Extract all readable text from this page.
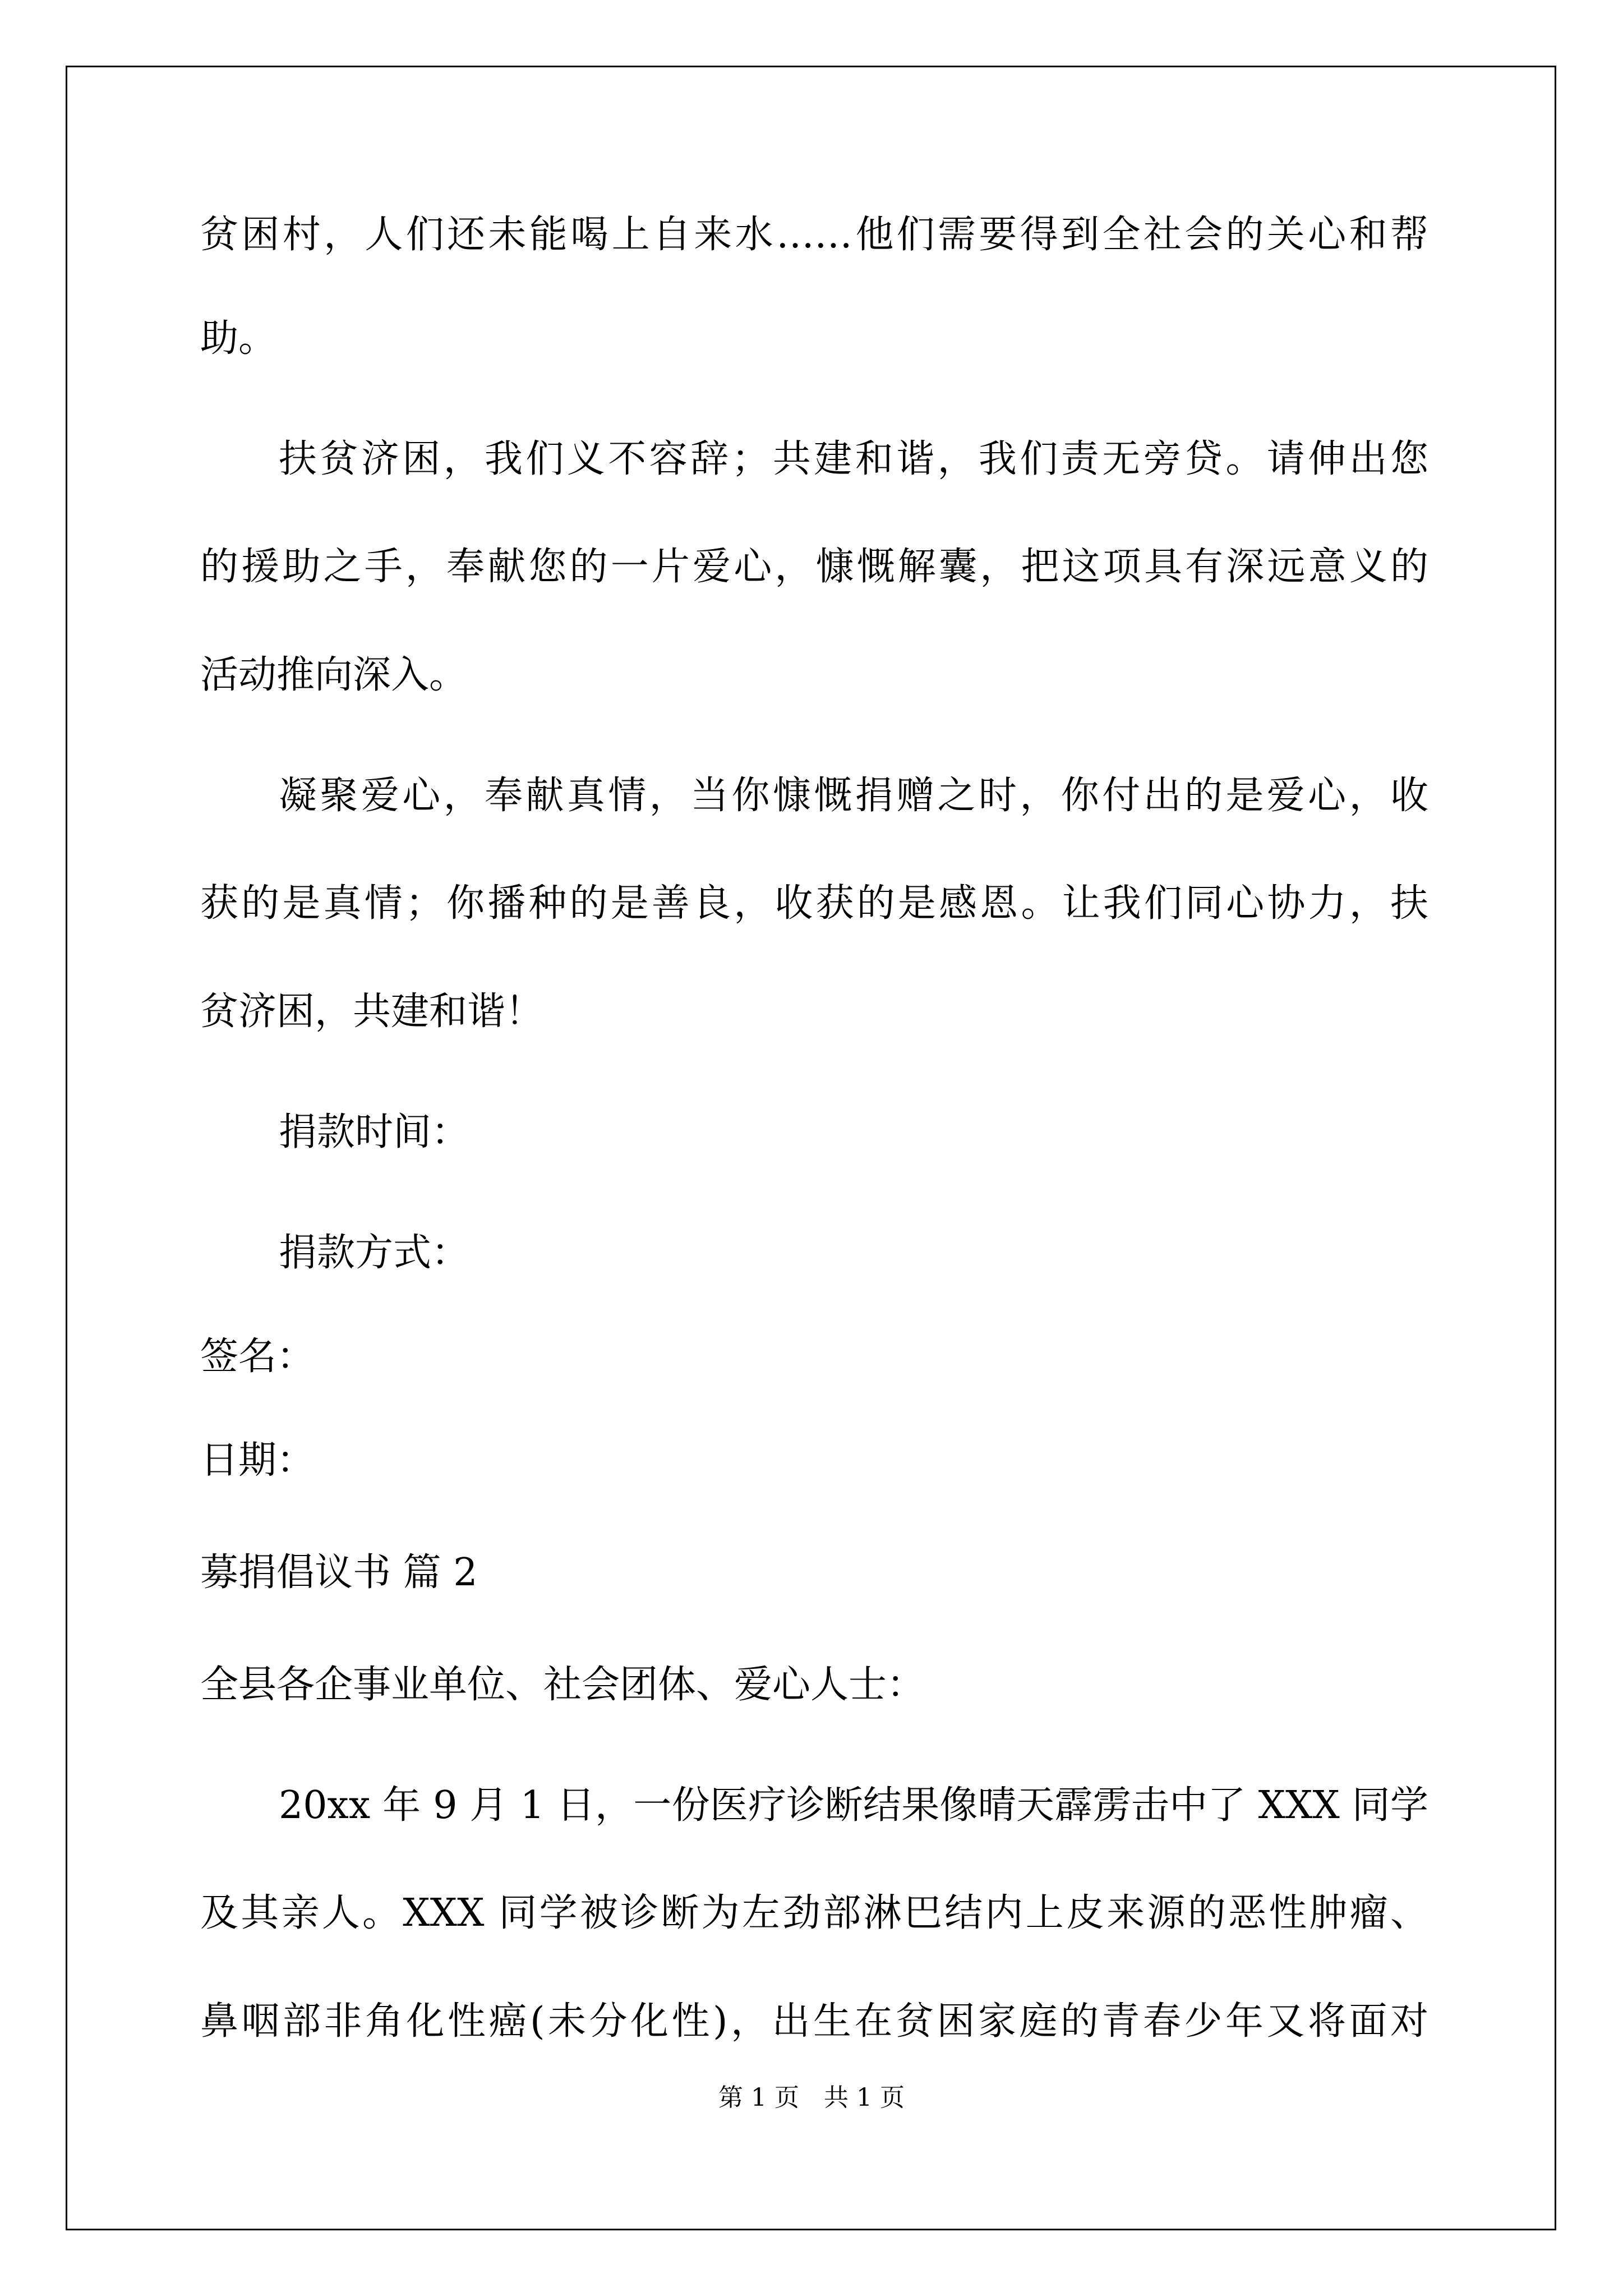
贫困村，人们还未能喝上自来水……他们需要得到全社会的关心和帮
助。
扶贫济困，我们义不容辞；共建和谐，我们责无旁贷。请伸出您
的援助之手，奉献您的一片爱心，慷慨解囊，把这项具有深远意义的
活动推向深入。
凝聚爱心，奉献真情，当你慷慨捐赠之时，你付出的是爱心，收
获的是真情；你播种的是善良，收获的是感恩。让我们同心协力，扶
贫济困，共建和谐！
捐款时间：
捐款方式：
签名：
日期：
募捐倡议书 篇 2
全县各企事业单位、社会团体、爱心人士：
20xx 年 9 月 1 日，一份医疗诊断结果像晴天霹雳击中了 XXX 同学
及其亲人。XXX 同学被诊断为左劲部淋巴结内上皮来源的恶性肿瘤、
鼻咽部非角化性癌(未分化性)，出生在贫困家庭的青春少年又将面对
第 1 页　共 1 页
